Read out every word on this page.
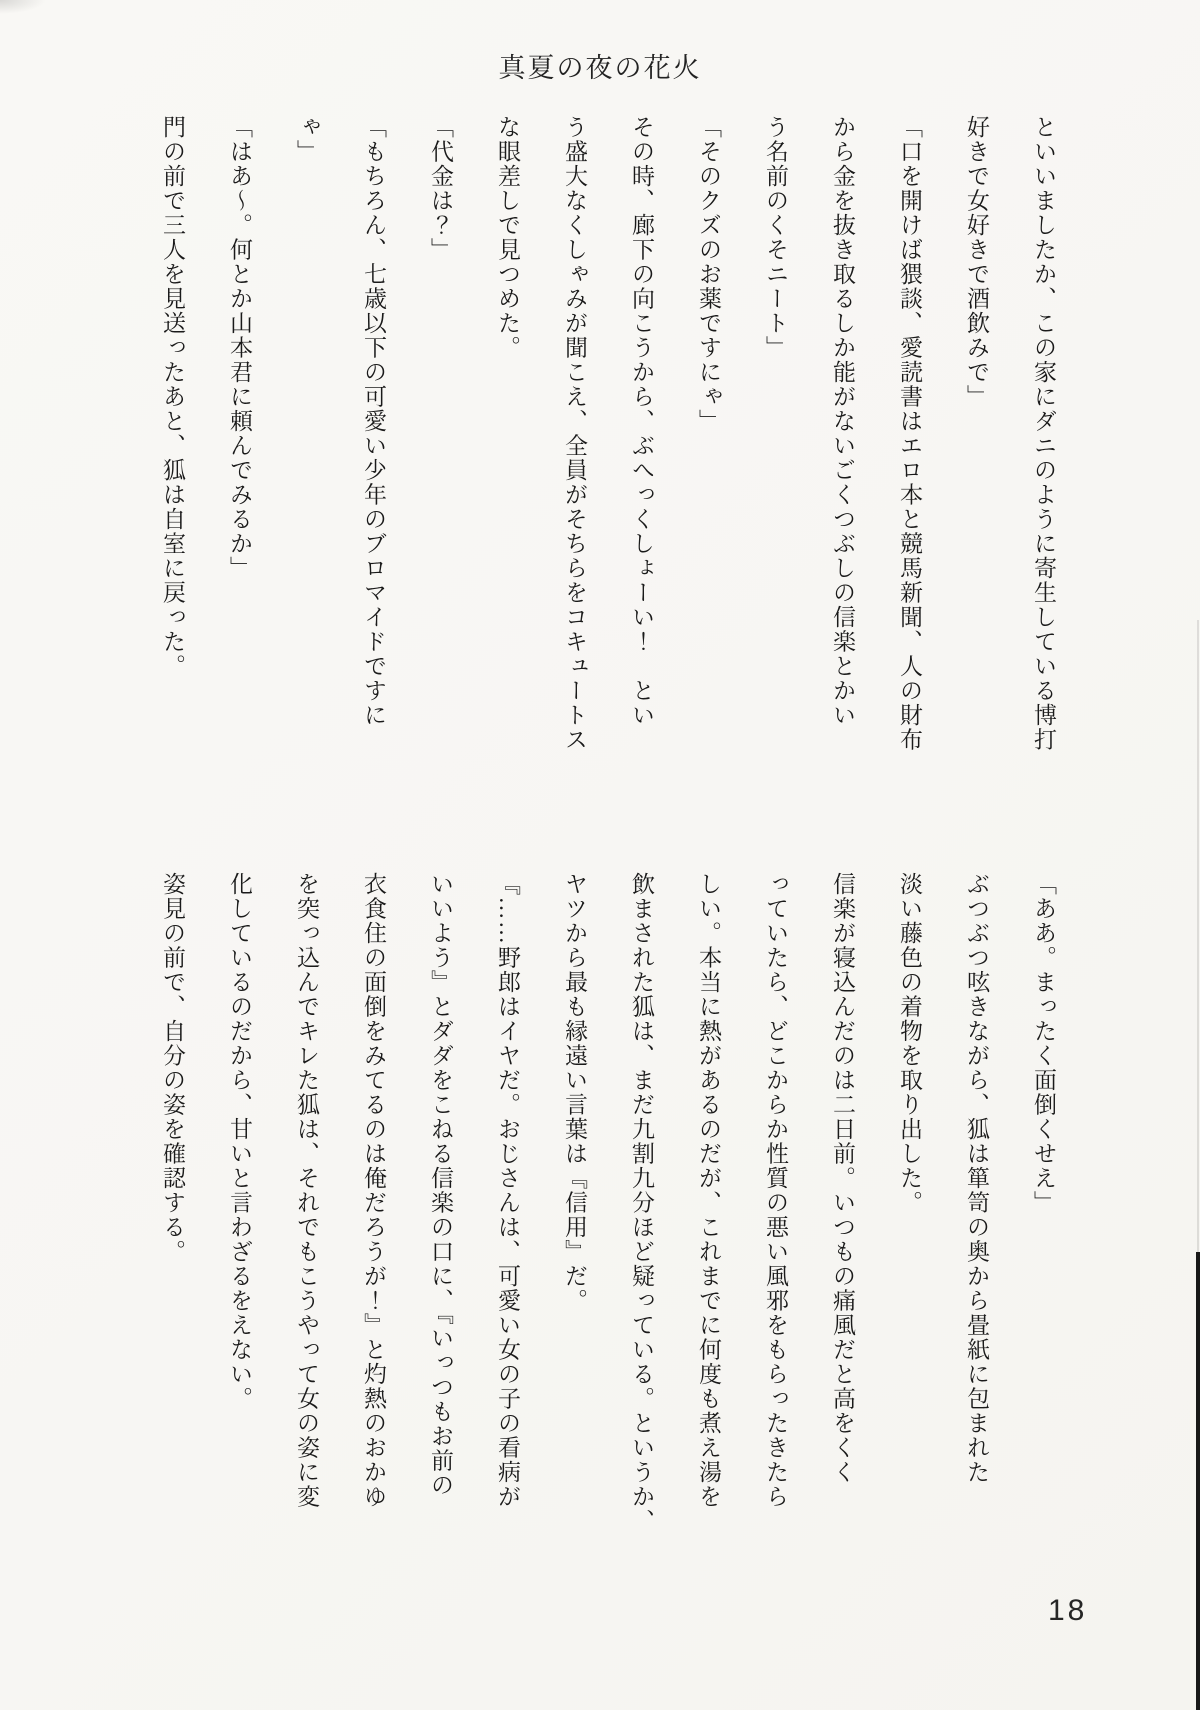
真夏の夜の花火

といいましたか、この家にダニのように寄生している博打

好きで女好きで酒飲みで」

「口を開けば猥談、愛読書はエロ本と競馬新聞、人の財布

から金を抜き取るしか能がないごくつぶしの信楽とかい

う名前のくそニート」

「そのクズのお薬ですにゃ」

その時、廊下の向こうから、ぶへっくしょーい！　とい

う盛大なくしゃみが聞こえ、全員がそちらをコキュートス

な眼差しで見つめた。

「代金は？」

「もちろん、七歳以下の可愛い少年のブロマイドですに

ゃ」

「はあ〜。何とか山本君に頼んでみるか」

門の前で三人を見送ったあと、狐は自室に戻った。

「ああ。まったく面倒くせえ」

ぶつぶつ呟きながら、狐は箪笥の奥から畳紙に包まれた

淡い藤色の着物を取り出した。

信楽が寝込んだのは二日前。いつもの痛風だと高をくく

っていたら、どこからか性質の悪い風邪をもらったきたら

しい。本当に熱があるのだが、これまでに何度も煮え湯を

飲まされた狐は、まだ九割九分ほど疑っている。というか、

ヤツから最も縁遠い言葉は『信用』だ。

『……野郎はイヤだ。おじさんは、可愛い女の子の看病が

いいよう』とダダをこねる信楽の口に、『いっつもお前の

衣食住の面倒をみてるのは俺だろうが！』と灼熱のおかゆ

を突っ込んでキレた狐は、それでもこうやって女の姿に変

化しているのだから、甘いと言わざるをえない。

姿見の前で、自分の姿を確認する。

18
